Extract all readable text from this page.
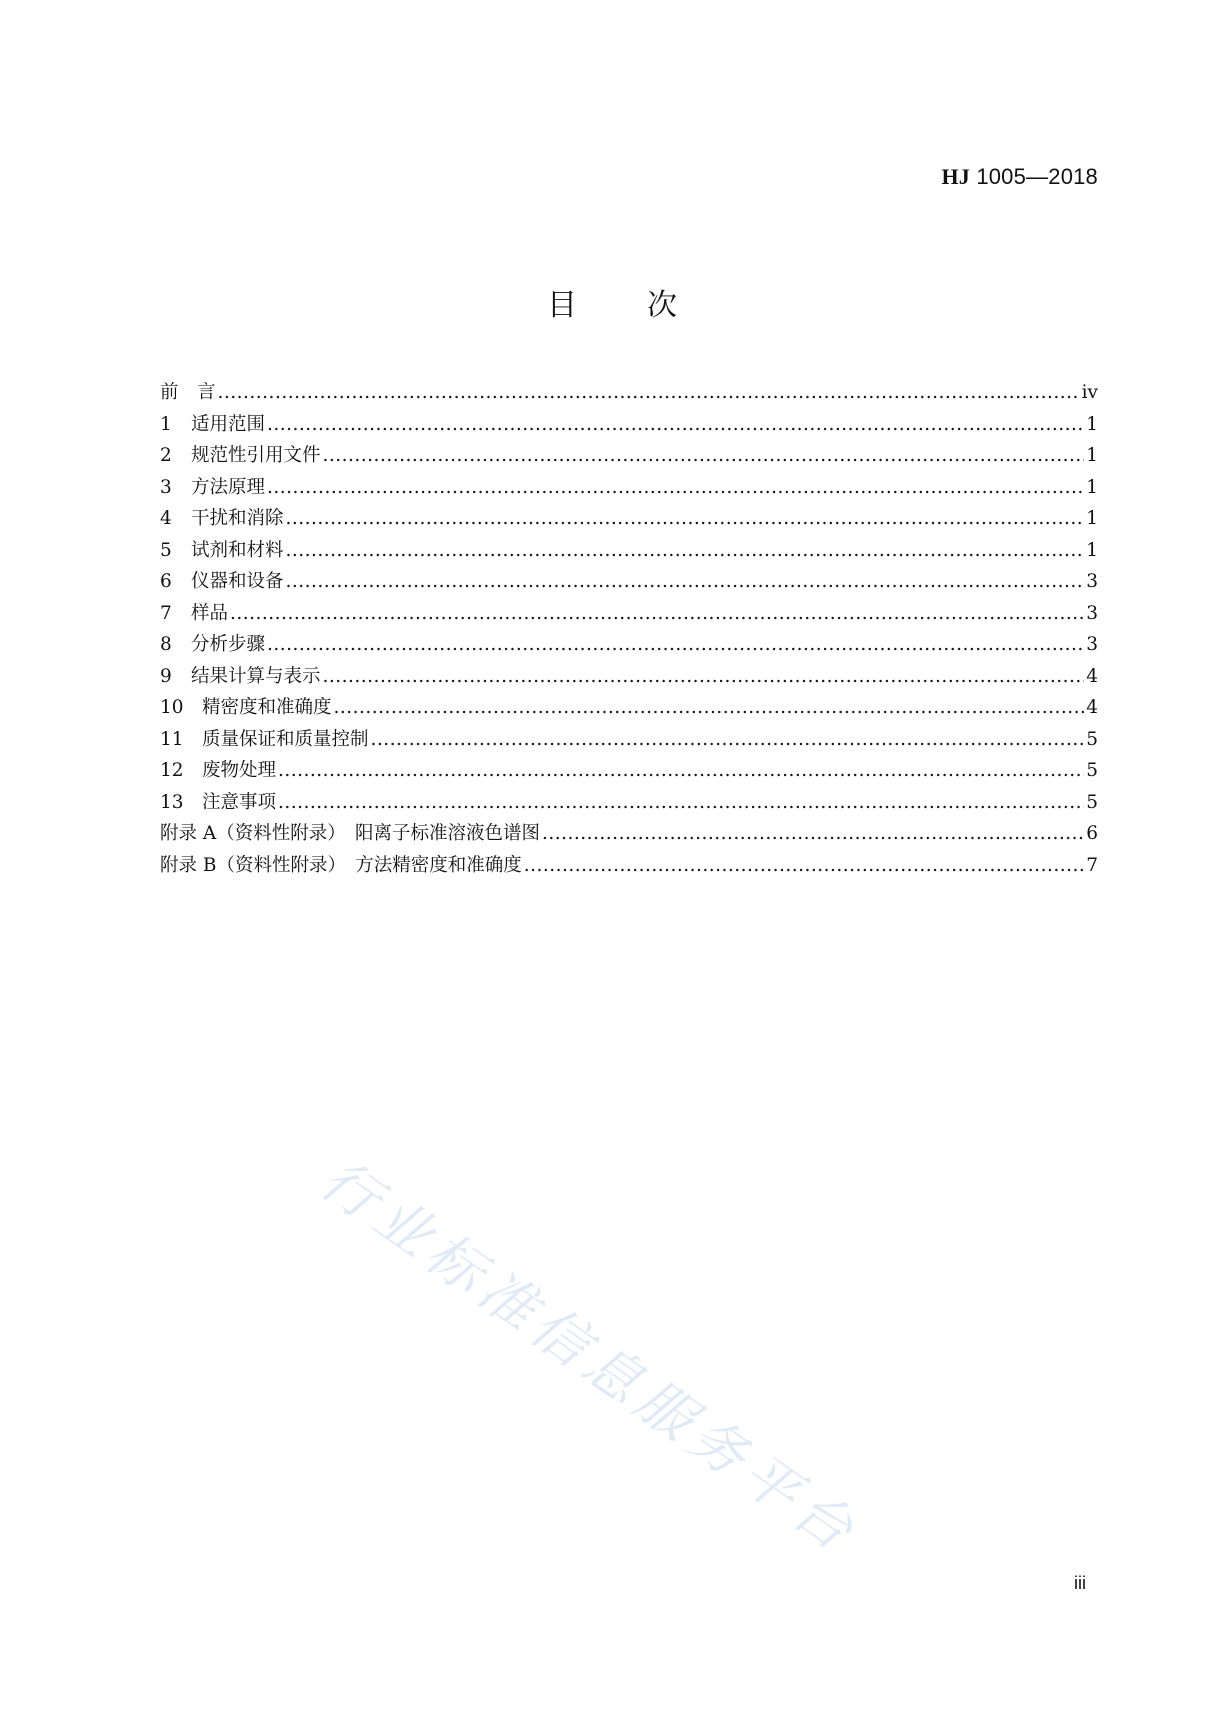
HJ 1005—2018
目 次
前　言 .....	iv
1	适用范围 .....	1
2	规范性引用文件 .....	1
3	方法原理 .....	1
4	干扰和消除 .....	1
5	试剂和材料 .....	1
6	仪器和设备 .....	3
7	样品 .....	3
8	分析步骤 .....	3
9	结果计算与表示 .....	4
10 精密度和准确度 .....	4
11 质量保证和质量控制 .....	5
12 废物处理 .....	5
13 注意事项 .....	5
附录 A（资料性附录）　阳离子标准溶液色谱图 .....	6
附录 B（资料性附录）　方法精密度和准确度 .....	7
行业标准信息服务平台
iii
